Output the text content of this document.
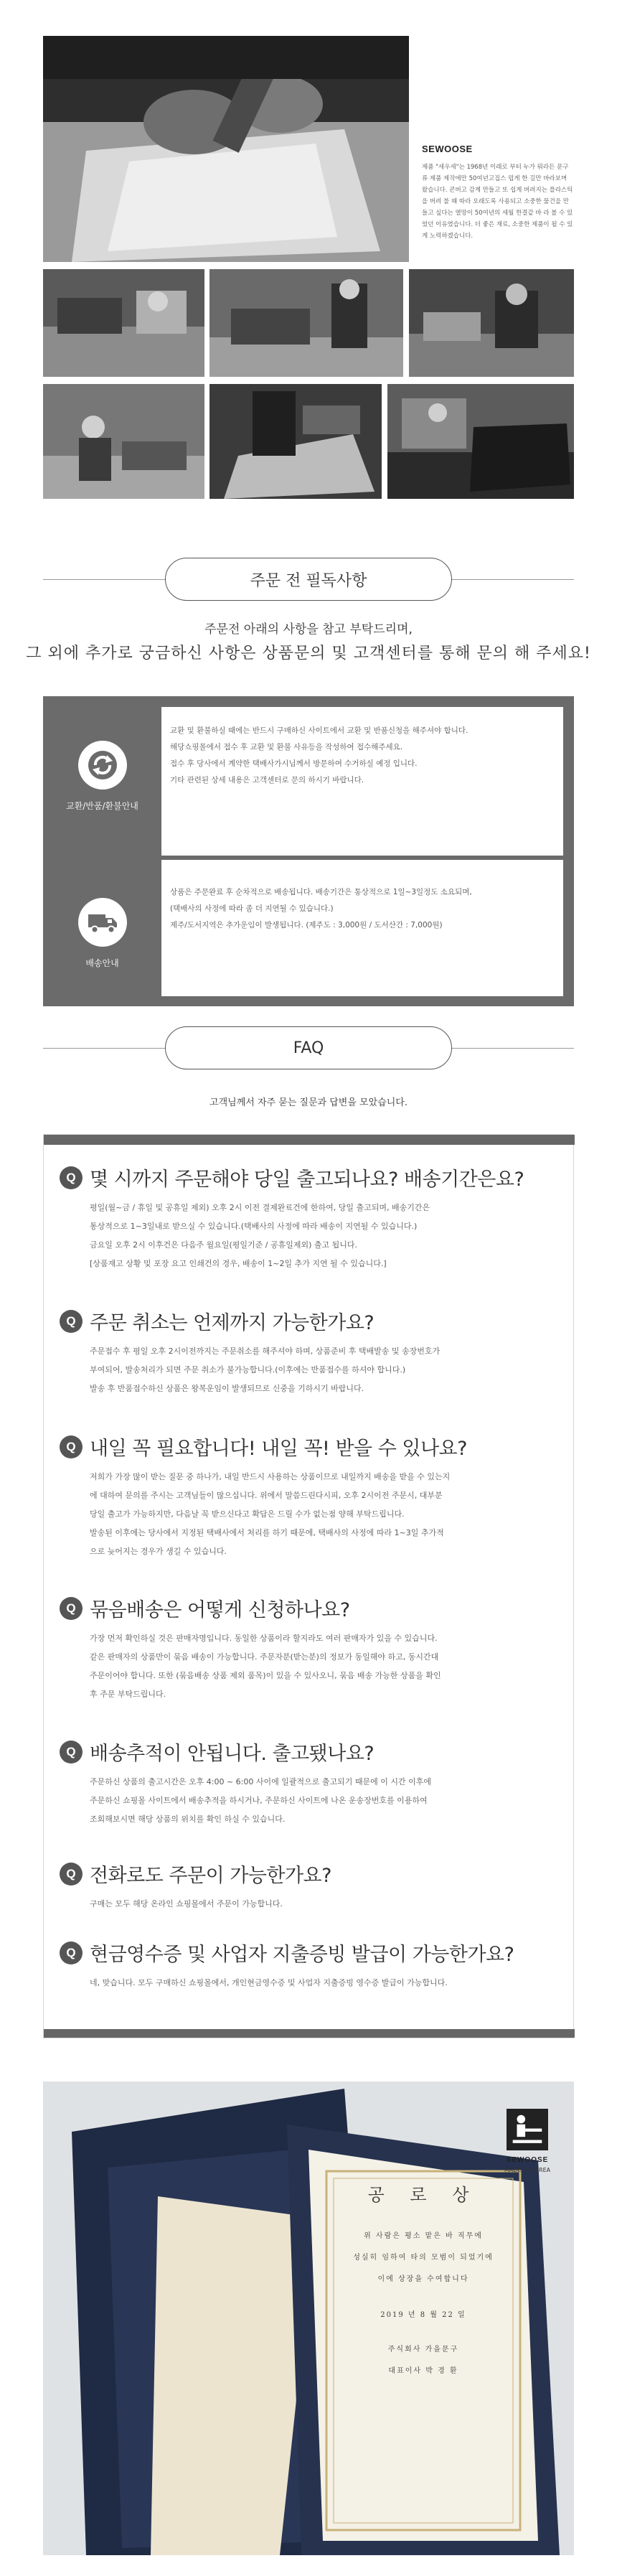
SEWOOSE
제품 "세우세"는 1968년 이래로 부터 누가 뭐라든 문구류 제품 제작에만 50여년고집스 럽게 한 길만 바라보며 왔습니다. 콘버고 감계 만들고 또 쉽게 버려지는 플라스틱을 버려 불 때 따라 오래도록 사용되고 소중한 물건을 만 들고 싶다는 열망이 50여년의 세월 한결같 바 라 볼 수 있었던 이유였습니다. 더 좋은 재료, 소중한 제품이 될 수 있게 노력하겠습니다.
주문 전 필독사항
주문전 아래의 사항을 참고 부탁드리며,
그 외에 추가로 궁금하신 사항은 상품문의 및 고객센터를 통해 문의 해 주세요!
교환/반품/환불안내

교환 및 환불하실 때에는 반드시 구매하신 사이트에서 교환 및 반품신청을 해주셔야 합니다.

해당쇼핑몰에서 접수 후 교환 및 환불 사유등을 작성하여 접수해주세요.

접수 후 당사에서 계약한 택배사가시님께서 방문하여 수거하실 예정 입니다.

기타 관련된 상세 내용은 고객센터로 문의 하시기 바랍니다.

배송안내

상품은 주문완료 후 순차적으로 배송됩니다. 배송기간은 통상적으로 1일~3일정도 소요되며,

(택배사의 사정에 따라 좀 더 지연될 수 있습니다.)

제주/도서지역은 추가운임이 발생됩니다. (제주도 : 3,000원 / 도서산간 : 7,000원)

FAQ
고객님께서 자주 묻는 질문과 답변을 모았습니다.
Q 몇 시까지 주문해야 당일 출고되나요? 배송기간은요?
평일(월~금 / 휴일 및 공휴일 제외) 오후 2시 이전 결제완료건에 한하여, 당일 출고되며, 배송기간은
통상적으로 1~3일내로 받으실 수 있습니다.(택배사의 사정에 따라 배송이 지연될 수 있습니다.)
금요일 오후 2시 이후건은 다음주 월요일(평일기준 / 공휴일제외) 출고 됩니다.
[상품재고 상황 및 포장 요고 인쇄건의 경우, 배송이 1~2일 추가 지연 될 수 있습니다.]
Q 주문 취소는 언제까지 가능한가요?
주문접수 후 평일 오후 2시이전까지는 주문취소를 해주셔야 하며, 상품준비 후 택배발송 및 송장번호가
부여되어, 발송처리가 되면 주문 취소가 불가능합니다.(이후에는 반품접수를 하셔야 합니다.)
발송 후 반품접수하신 상품은 왕복운임이 발생되므로 신중을 기하시기 바랍니다.
Q 내일 꼭 필요합니다! 내일 꼭! 받을 수 있나요?
저희가 가장 많이 받는 질문 중 하나가, 내일 반드시 사용하는 상품이므로 내일까지 배송을 받을 수 있는지
에 대하여 문의를 주시는 고객님들이 많으십니다. 위에서 말씀드린다시피, 오후 2시이전 주문시, 대부분
당일 출고가 가능하지만, 다음날 꼭 받으신다고 확답은 드릴 수가 없는점 양해 부탁드립니다.
발송된 이후에는 당사에서 지정된 택배사에서 처리를 하기 때문에, 택배사의 사정에 따라 1~3일 추가적
으로 늦어지는 경우가 생길 수 있습니다.
Q 묶음배송은 어떻게 신청하나요?
가장 먼저 확인하실 것은 판매자명입니다. 동일한 상품이라 할지라도 여러 판매자가 있을 수 있습니다.
같은 판매자의 상품만이 묶음 배송이 가능합니다. 주문자분(받는분)의 정보가 동일해야 하고, 동시간대
주문이어야 합니다. 또한 (묶음배송 상품 제외 품목)이 있을 수 있사오니, 묶음 배송 가능한 상품을 확인
후 주문 부탁드립니다.
Q 배송추적이 안됩니다. 출고됐나요?
주문하신 상품의 출고시간은 오후 4:00 ~ 6:00 사이에 일괄적으로 출고되기 때문에 이 시간 이후에
주문하신 쇼핑몰 사이트에서 배송추적을 하시거나, 주문하신 사이트에 나온 운송장번호를 이용하여
조회해보시면 해당 상품의 위치를 확인 하실 수 있습니다.
Q 전화로도 주문이 가능한가요?
구매는 모두 해당 온라인 쇼핑몰에서 주문이 가능합니다.
Q 현금영수증 및 사업자 지출증빙 발급이 가능한가요?
네, 맞습니다. 모두 구매하신 쇼핑몰에서, 개인현금영수증 및 사업자 지출증빙 영수증 발급이 가능합니다.
SEWOOSE
MADE IN KOREA
공 로 상
위 사람은 평소 맡은 바 직무에
성실히 임하여 타의 모범이 되었기에
이에 상장을 수여합니다
2019 년 8 월 22 일
주식회사 가을문구
대표이사 박 경 환
